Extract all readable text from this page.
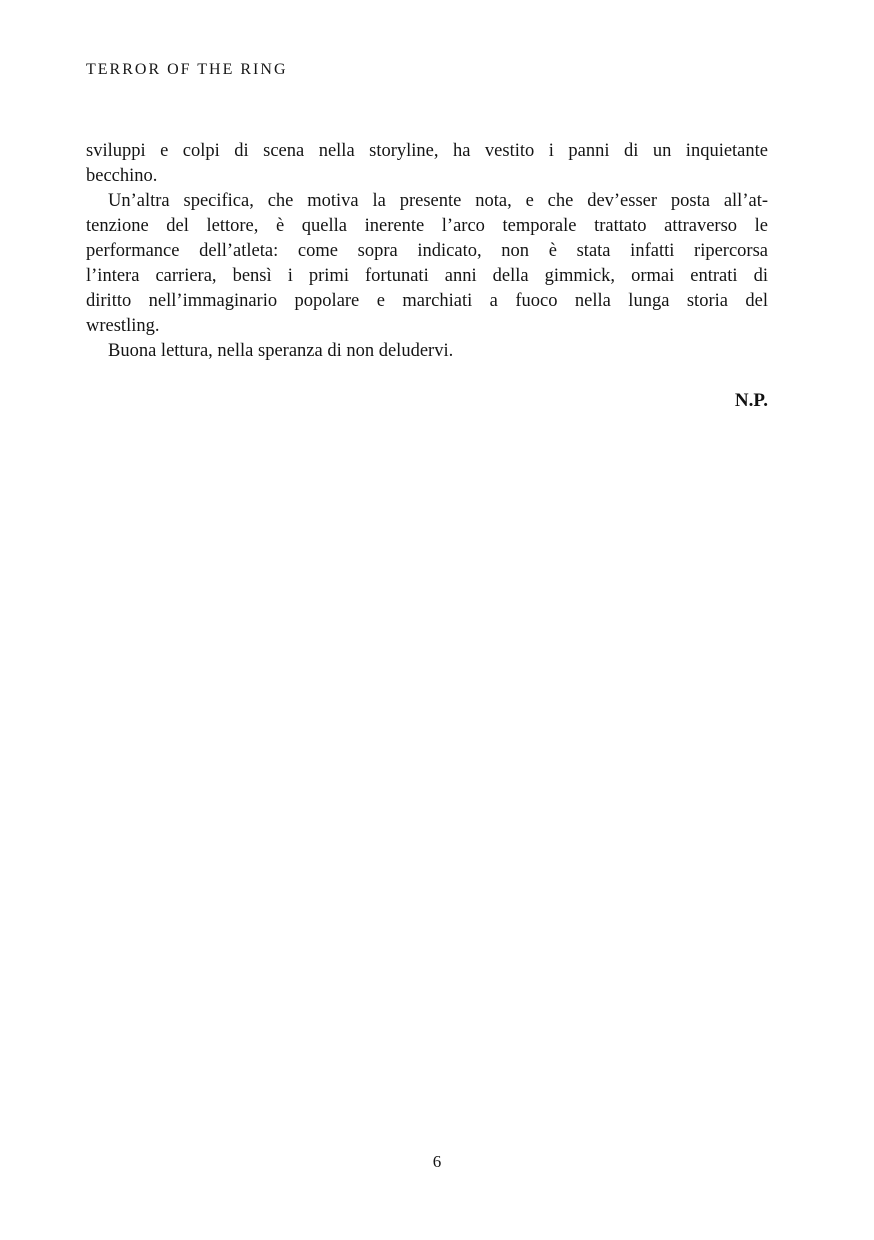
TERROR OF THE RING
sviluppi e colpi di scena nella storyline, ha vestito i panni di un inquietante
becchino.
Un’altra specifica, che motiva la presente nota, e che dev’esser posta all’at-
tenzione del lettore, è quella inerente l’arco temporale trattato attraverso le
performance dell’atleta: come sopra indicato, non è stata infatti ripercorsa
l’intera carriera, bensì i primi fortunati anni della gimmick, ormai entrati di
diritto nell’immaginario popolare e marchiati a fuoco nella lunga storia del
wrestling.
Buona lettura, nella speranza di non deludervi.
N.P.
6
